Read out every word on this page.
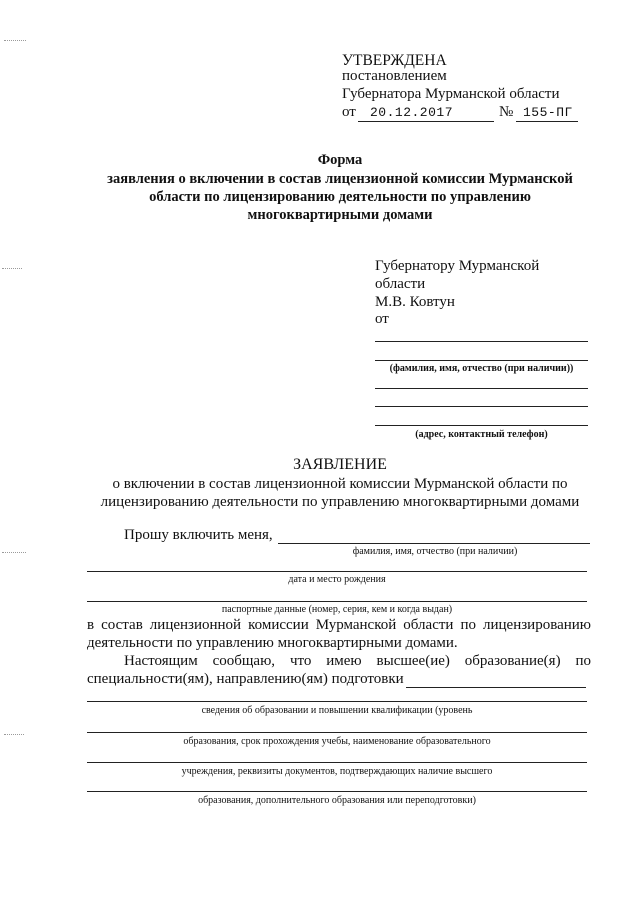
УТВЕРЖДЕНА
постановлением
Губернатора Мурманской области
от 20.12.2017	№ 155-ПГ
Форма
заявления о включении в состав лицензионной комиссии Мурманской
области по лицензированию деятельности по управлению
многоквартирными домами
Губернатору Мурманской
области
М.В. Ковтун
от
(фамилия, имя, отчество (при наличии))
(адрес, контактный телефон)
ЗАЯВЛЕНИЕ
о включении в состав лицензионной комиссии Мурманской области по
лицензированию деятельности по управлению многоквартирными домами
Прошу включить меня,
фамилия, имя, отчество (при наличии)
дата и место рождения
паспортные данные (номер, серия, кем и когда выдан)
в состав лицензионной комиссии Мурманской области по лицензированию
деятельности по управлению многоквартирными домами.
Настоящим сообщаю, что имею высшее(ие) образование(я) по
специальности(ям), направлению(ям) подготовки
сведения об образовании и повышении квалификации (уровень
образования, срок прохождения учебы, наименование образовательного
учреждения, реквизиты документов, подтверждающих наличие высшего
образования, дополнительного образования или переподготовки)
